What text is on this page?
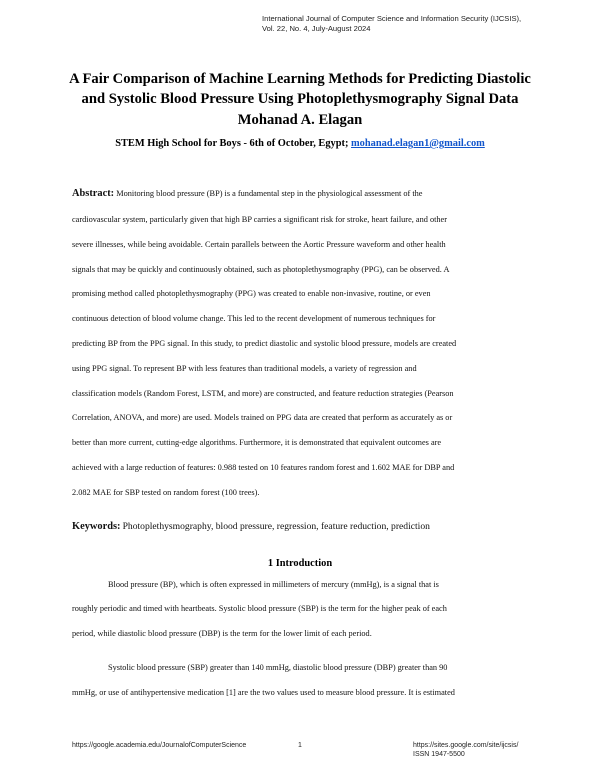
International Journal of Computer Science and Information Security (IJCSIS),
Vol. 22, No. 4, July-August 2024
A Fair Comparison of Machine Learning Methods for Predicting Diastolic
and Systolic Blood Pressure Using Photoplethysmography Signal Data
Mohanad A. Elagan
STEM High School for Boys - 6th of October, Egypt; mohanad.elagan1@gmail.com
Abstract: Monitoring blood pressure (BP) is a fundamental step in the physiological assessment of the
cardiovascular system, particularly given that high BP carries a significant risk for stroke, heart failure, and other
severe illnesses, while being avoidable. Certain parallels between the Aortic Pressure waveform and other health
signals that may be quickly and continuously obtained, such as photoplethysmography (PPG), can be observed. A
promising method called photoplethysmography (PPG) was created to enable non-invasive, routine, or even
continuous detection of blood volume change. This led to the recent development of numerous techniques for
predicting BP from the PPG signal. In this study, to predict diastolic and systolic blood pressure, models are created
using PPG signal. To represent BP with less features than traditional models, a variety of regression and
classification models (Random Forest, LSTM, and more) are constructed, and feature reduction strategies (Pearson
Correlation, ANOVA, and more) are used. Models trained on PPG data are created that perform as accurately as or
better than more current, cutting-edge algorithms. Furthermore, it is demonstrated that equivalent outcomes are
achieved with a large reduction of features: 0.988 tested on 10 features random forest and 1.602 MAE for DBP and
2.082 MAE for SBP tested on random forest (100 trees).
Keywords: Photoplethysmography, blood pressure, regression, feature reduction, prediction
1 Introduction
Blood pressure (BP), which is often expressed in millimeters of mercury (mmHg), is a signal that is
roughly periodic and timed with heartbeats. Systolic blood pressure (SBP) is the term for the higher peak of each
period, while diastolic blood pressure (DBP) is the term for the lower limit of each period.
Systolic blood pressure (SBP) greater than 140 mmHg, diastolic blood pressure (DBP) greater than 90
mmHg, or use of antihypertensive medication [1] are the two values used to measure blood pressure. It is estimated
https://google.academia.edu/JournalofComputerScience	1	https://sites.google.com/site/ijcsis/
ISSN 1947-5500
